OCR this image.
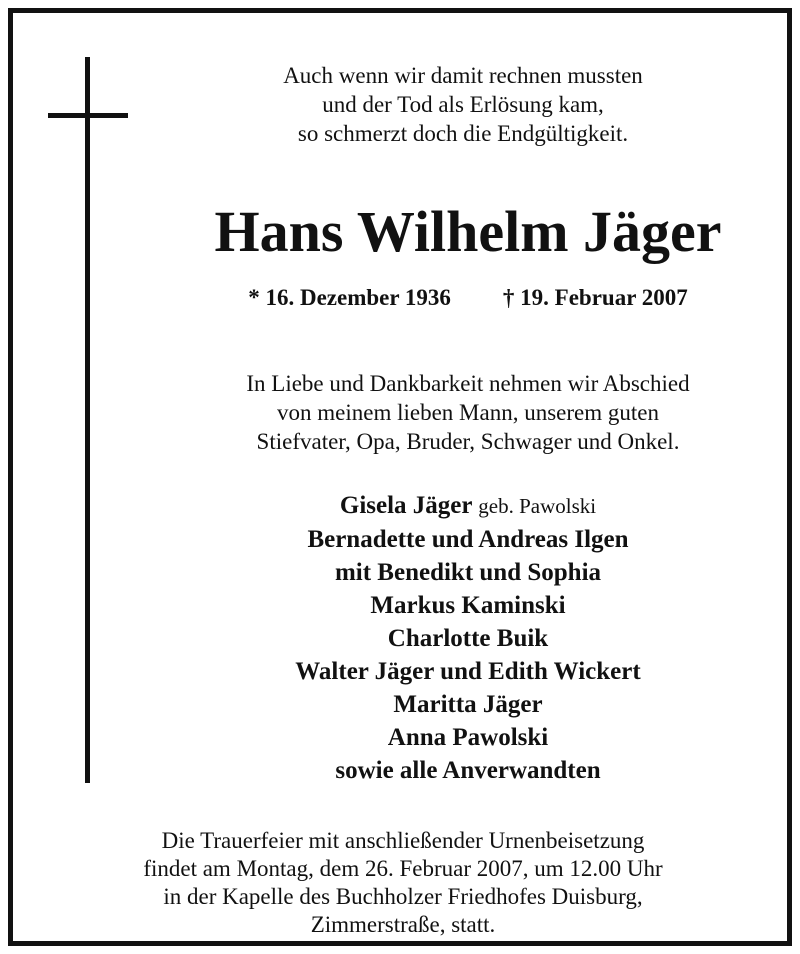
Auch wenn wir damit rechnen mussten
und der Tod als Erlösung kam,
so schmerzt doch die Endgültigkeit.
Hans Wilhelm Jäger
* 16. Dezember 1936 † 19. Februar 2007
In Liebe und Dankbarkeit nehmen wir Abschied
von meinem lieben Mann, unserem guten
Stiefvater, Opa, Bruder, Schwager und Onkel.
Gisela Jäger geb. Pawolski
Bernadette und Andreas Ilgen
mit Benedikt und Sophia
Markus Kaminski
Charlotte Buik
Walter Jäger und Edith Wickert
Maritta Jäger
Anna Pawolski
sowie alle Anverwandten
Die Trauerfeier mit anschließender Urnenbeisetzung
findet am Montag, dem 26. Februar 2007, um 12.00 Uhr
in der Kapelle des Buchholzer Friedhofes Duisburg,
Zimmerstraße, statt.
